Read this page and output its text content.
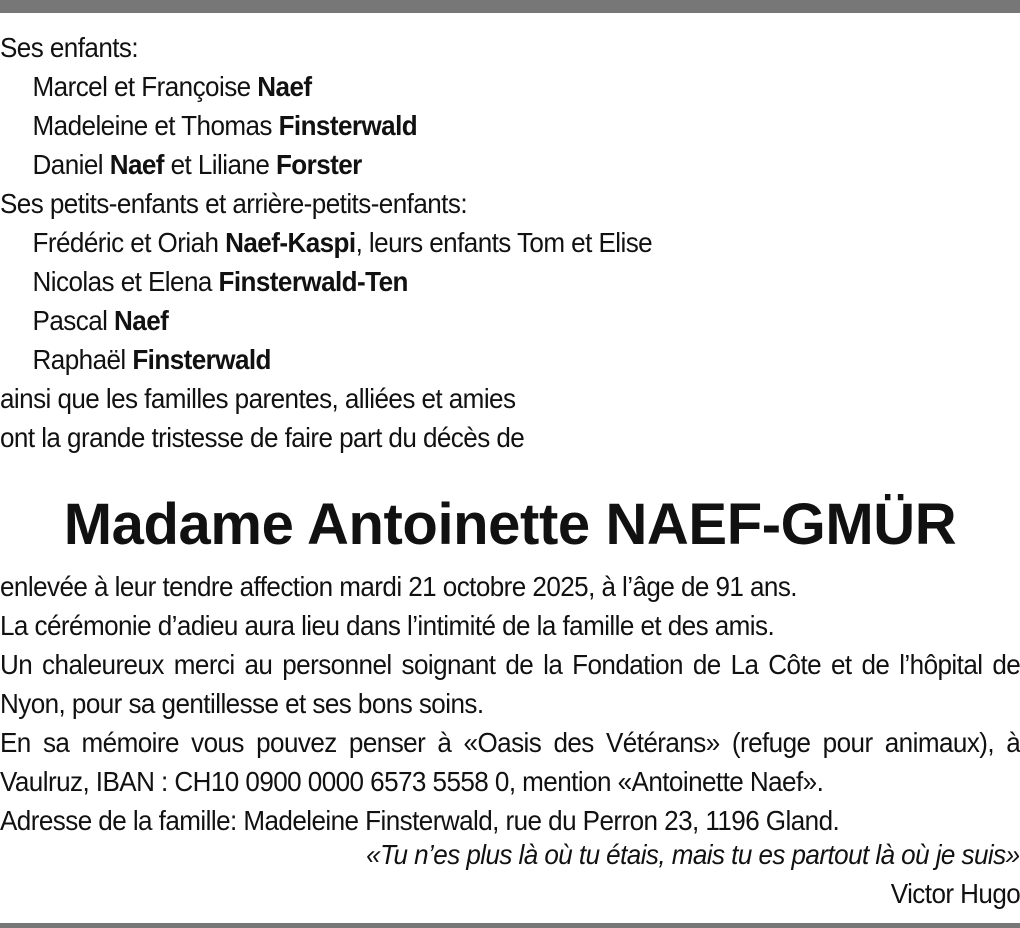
Ses enfants:
Marcel et Françoise Naef
Madeleine et Thomas Finsterwald
Daniel Naef et Liliane Forster
Ses petits-enfants et arrière-petits-enfants:
Frédéric et Oriah Naef-Kaspi, leurs enfants Tom et Elise
Nicolas et Elena Finsterwald-Ten
Pascal Naef
Raphaël Finsterwald
ainsi que les familles parentes, alliées et amies
ont la grande tristesse de faire part du décès de
Madame Antoinette NAEF-GMÜR
enlevée à leur tendre affection mardi 21 octobre 2025, à l’âge de 91 ans.
La cérémonie d’adieu aura lieu dans l’intimité de la famille et des amis.
Un chaleureux merci au personnel soignant de la Fondation de La Côte et de l’hôpital de Nyon, pour sa gentillesse et ses bons soins.
En sa mémoire vous pouvez penser à «Oasis des Vétérans» (refuge pour animaux), à Vaulruz, IBAN : CH10 0900 0000 6573 5558 0, mention «Antoinette Naef».
Adresse de la famille: Madeleine Finsterwald, rue du Perron 23, 1196 Gland.
«Tu n’es plus là où tu étais, mais tu es partout là où je suis»
Victor Hugo
